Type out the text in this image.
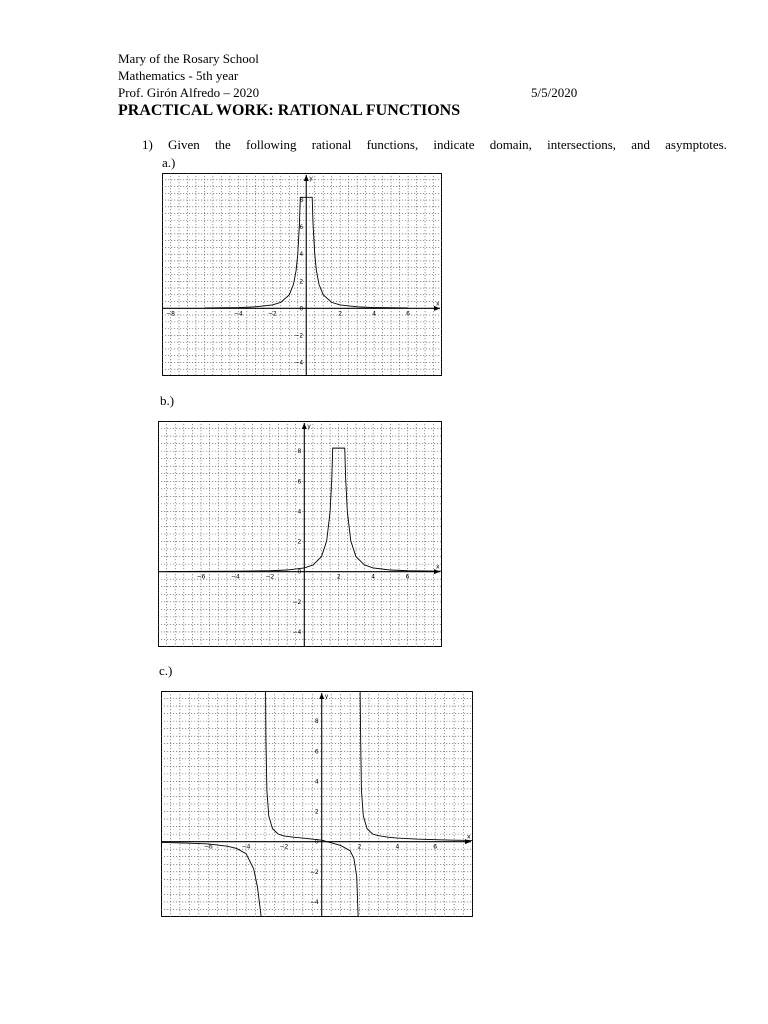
Mary of the Rosary School
Mathematics - 5th year
Prof. Girón Alfredo – 2020	5/5/2020
PRACTICAL WORK: RATIONAL FUNCTIONS
1) Given the following rational functions, indicate domain, intersections, and asymptotes.
a.)
x
y
−8	−4	−2	2	4	6
8
6
4
2
0
−2
−4
b.)
x
y
−6	−4	−2	2	4	6
8
6
4
2
0
−2
−4
c.)
x
y
−6	−4	−2	2	4	6
8
6
4
2
0
−2
−4
